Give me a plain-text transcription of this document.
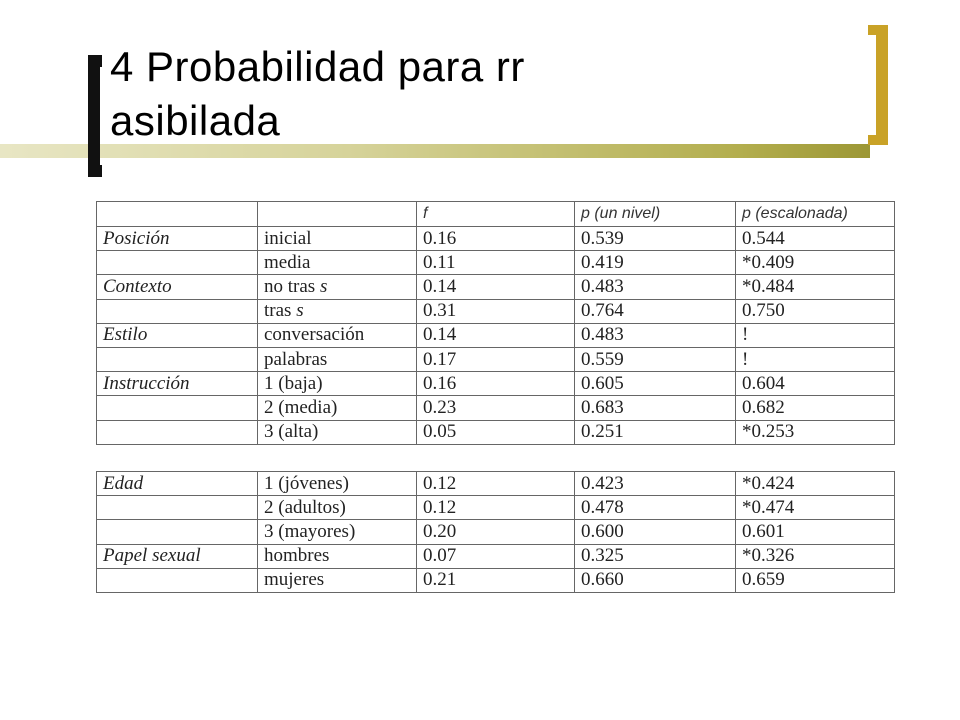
4 Probabilidad para rr
asibilada
		f	p (un nivel)	p (escalonada)
Posición	inicial	0.16	0.539	0.544
	media	0.11	0.419	*0.409
Contexto	no tras s	0.14	0.483	*0.484
	tras s	0.31	0.764	0.750
Estilo	conversación	0.14	0.483	!
	palabras	0.17	0.559	!
Instrucción	1 (baja)	0.16	0.605	0.604
	2 (media)	0.23	0.683	0.682
	3 (alta)	0.05	0.251	*0.253
Edad	1 (jóvenes)	0.12	0.423	*0.424
	2 (adultos)	0.12	0.478	*0.474
	3 (mayores)	0.20	0.600	0.601
Papel sexual	hombres	0.07	0.325	*0.326
	mujeres	0.21	0.660	0.659
